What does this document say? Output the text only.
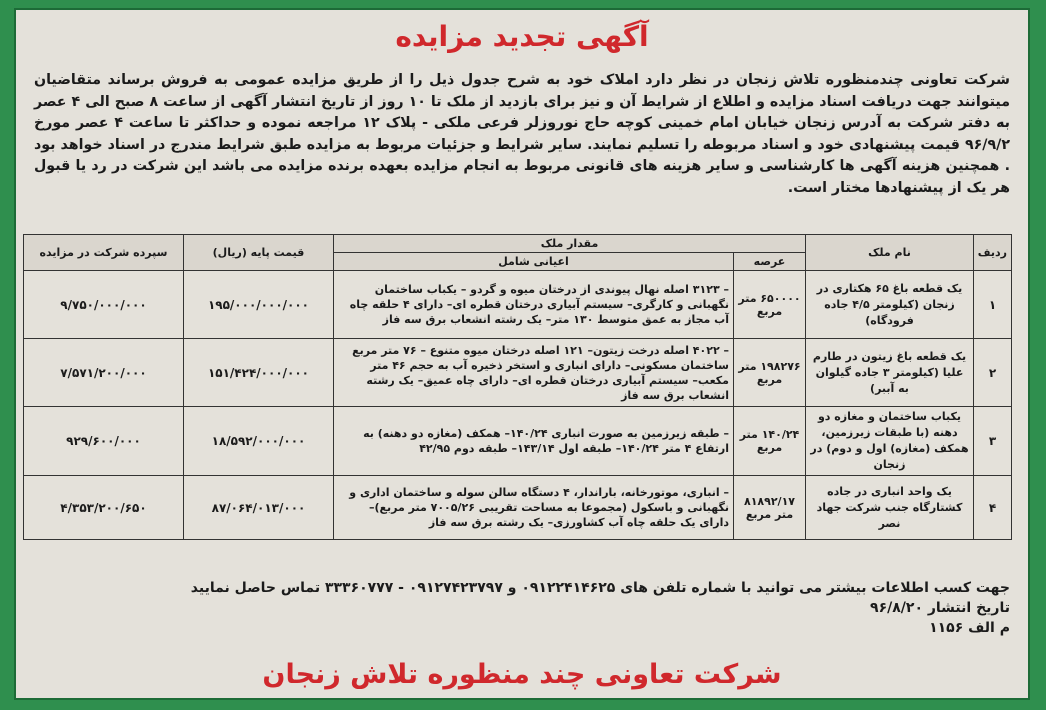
آگهی تجدید مزایده
شرکت تعاونی چندمنظوره تلاش زنجان در نظر دارد املاک خود به شرح جدول ذیل را از طریق مزایده عمومی به فروش برساند متقاضیان میتوانند جهت دریافت اسناد مزایده و اطلاع از شرایط آن و نیز برای بازدید از ملک تا ۱۰ روز از تاریخ انتشار آگهی از ساعت ۸ صبح الی ۴ عصر به دفتر شرکت به آدرس زنجان خیابان امام خمینی کوچه حاج نوروزلر فرعی ملکی - پلاک ۱۲ مراجعه نموده و حداکثر تا ساعت ۴ عصر مورخ ۹۶/۹/۲ قیمت پیشنهادی خود و اسناد مربوطه را تسلیم نمایند. سایر شرایط و جزئیات مربوط به مزایده طبق شرایط مندرج در اسناد خواهد بود . همچنین هزینه آگهی ها کارشناسی و سایر هزینه های قانونی مربوط به انجام مزایده بعهده برنده مزایده می باشد این شرکت در رد یا قبول هر یک از پیشنهادها مختار است.
ردیف	نام ملک	مقدار ملک		قیمت پایه (ریال)	سپرده شرکت در مزایده
		عرصه	اعیانی شامل		
۱	یک قطعه باغ ۶۵ هکتاری در زنجان (کیلومتر ۴/۵ جاده فرودگاه)	۶۵۰۰۰۰ متر مربع	– ۳۱۲۳ اصله نهال پیوندی از درختان میوه و گردو – یکباب ساختمان نگهبانی و کارگری– سیستم آبیاری درختان قطره ای– دارای ۴ حلقه چاه آب مجاز به عمق متوسط ۱۳۰ متر– یک رشته انشعاب برق سه فاز	۱۹۵/۰۰۰/۰۰۰/۰۰۰	۹/۷۵۰/۰۰۰/۰۰۰
۲	یک قطعه باغ زیتون در طارم علیا (کیلومتر ۳ جاده گیلوان به آببر)	۱۹۸۲۷۶ متر مربع	– ۴۰۲۲ اصله درخت زیتون– ۱۲۱ اصله درختان میوه متنوع – ۷۶ متر مربع ساختمان مسکونی– دارای انباری و استخر ذخیره آب به حجم ۴۶ متر مکعب– سیستم آبیاری درختان قطره ای– دارای چاه عمیق– یک رشته انشعاب برق سه فاز	۱۵۱/۴۲۴/۰۰۰/۰۰۰	۷/۵۷۱/۲۰۰/۰۰۰
۳	یکباب ساختمان و مغازه دو دهنه (با طبقات زیرزمین، همکف (مغازه) اول و دوم) در زنجان	۱۴۰/۲۴ متر مربع	– طبقه زیرزمین به صورت انباری ۱۴۰/۲۴– همکف (مغازه دو دهنه) به ارتفاع ۴ متر ۱۴۰/۲۴– طبقه اول ۱۴۳/۱۴– طبقه دوم ۴۲/۹۵	۱۸/۵۹۲/۰۰۰/۰۰۰	۹۲۹/۶۰۰/۰۰۰
۴	یک واحد انباری در جاده کشتارگاه جنب شرکت جهاد نصر	۸۱۸۹۲/۱۷ متر مربع	– انباری، موتورخانه، باراندار، ۴ دستگاه سالن سوله و ساختمان اداری و نگهبانی و باسکول (مجموعا به مساحت تقریبی ۷۰۰۵/۲۶ متر مربع)– دارای یک حلقه چاه آب کشاورزی– یک رشته برق سه فاز	۸۷/۰۶۴/۰۱۳/۰۰۰	۴/۳۵۳/۲۰۰/۶۵۰
جهت کسب اطلاعات بیشتر می توانید با شماره تلفن های ۰۹۱۲۲۴۱۴۶۲۵ و ۰۹۱۲۷۴۲۳۷۹۷ - ۳۳۳۶۰۷۷۷ تماس حاصل نمایید
تاریخ انتشار ۹۶/۸/۲۰
م الف ۱۱۵۶
شرکت تعاونی چند منظوره تلاش زنجان
